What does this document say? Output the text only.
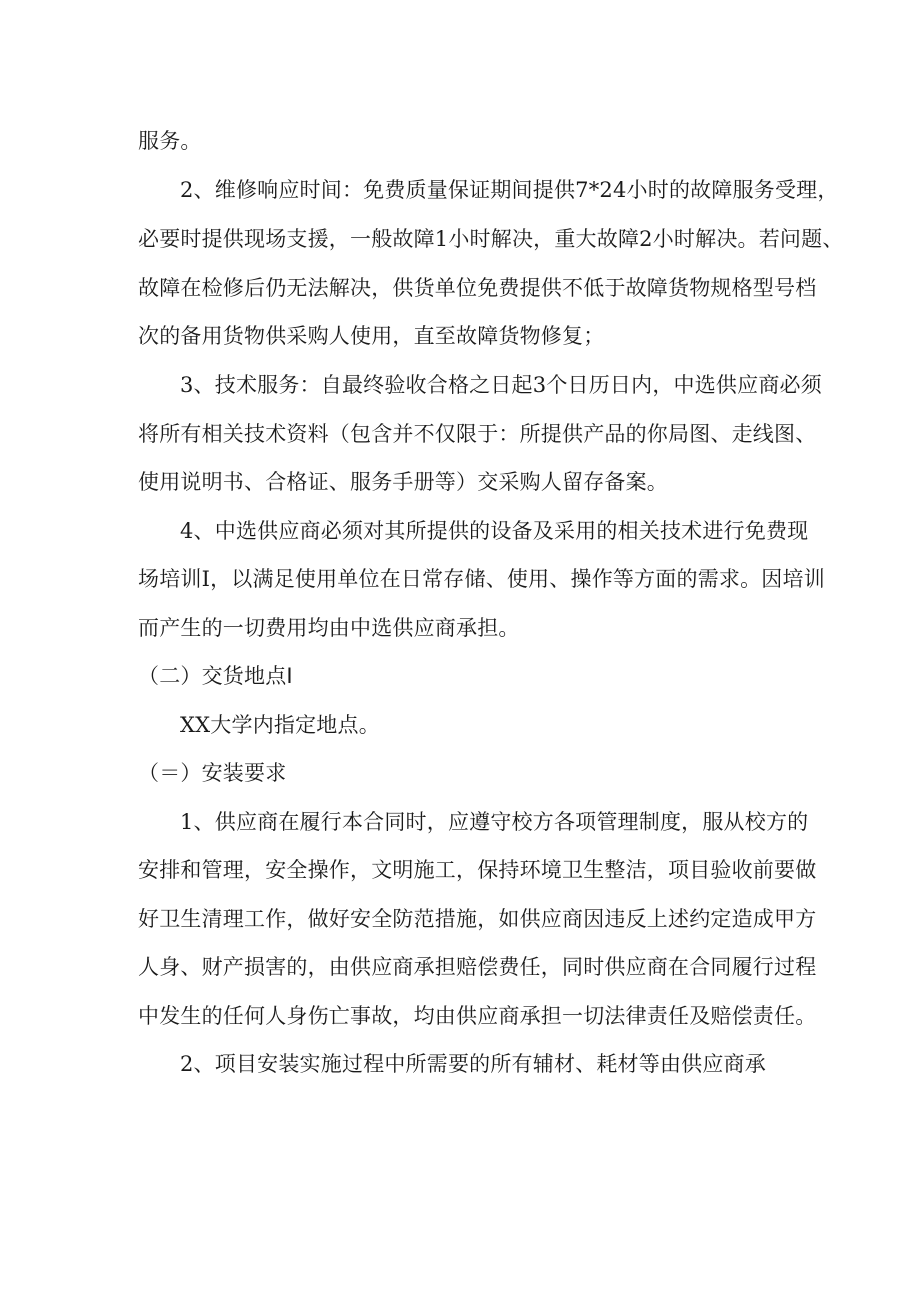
服务。
2、维修响应时间：免费质量保证期间提供7*24小时的故障服务受理，
必要时提供现场支援，一般故障1小时解决，重大故障2小时解决。若问题、
故障在检修后仍无法解决，供货单位免费提供不低于故障货物规格型号档
次的备用货物供采购人使用，直至故障货物修复；
3、技术服务：自最终验收合格之日起3个日历日内，中选供应商必须
将所有相关技术资料（包含并不仅限于：所提供产品的你局图、走线图、
使用说明书、合格证、服务手册等）交采购人留存备案。
4、中选供应商必须对其所提供的设备及采用的相关技术进行免费现
场培训I，以满足使用单位在日常存储、使用、操作等方面的需求。因培训
而产生的一切费用均由中选供应商承担。
（二）交货地点I
XX大学内指定地点。
（＝）安装要求
1、供应商在履行本合同时，应遵守校方各项管理制度，服从校方的
安排和管理，安全操作，文明施工，保持环境卫生整洁，项目验收前要做
好卫生清理工作，做好安全防范措施，如供应商因违反上述约定造成甲方
人身、财产损害的，由供应商承担赔偿费任，同时供应商在合同履行过程
中发生的任何人身伤亡事故，均由供应商承担一切法律责任及赔偿责任。
2、项目安装实施过程中所需要的所有辅材、耗材等由供应商承
